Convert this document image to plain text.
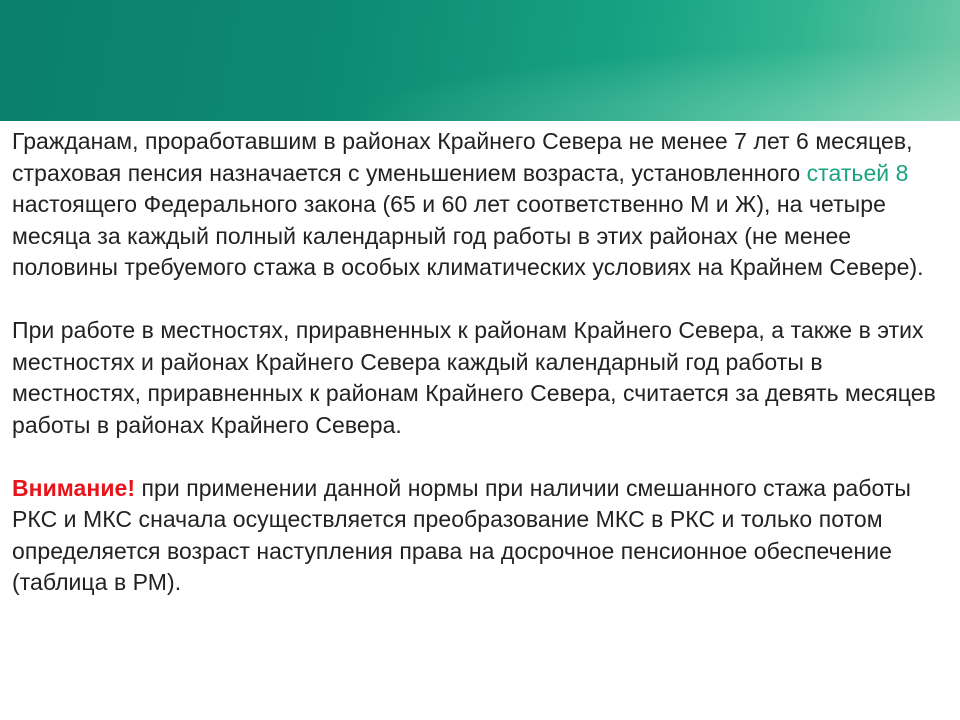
Гражданам, проработавшим в районах Крайнего Севера не менее 7 лет 6 месяцев, страховая пенсия назначается с уменьшением возраста, установленного статьей 8 настоящего Федерального закона (65 и 60 лет соответственно М и Ж), на четыре месяца за каждый полный календарный год работы в этих районах (не менее половины требуемого стажа в особых климатических условиях на Крайнем Севере).

При работе в местностях, приравненных к районам Крайнего Севера, а также в этих местностях и районах Крайнего Севера каждый календарный год работы в местностях, приравненных к районам Крайнего Севера, считается за девять месяцев работы в районах Крайнего Севера.

Внимание! при применении данной нормы при наличии смешанного стажа работы РКС и МКС сначала осуществляется преобразование МКС в РКС и только потом определяется возраст наступления права на досрочное пенсионное обеспечение (таблица в РМ).
